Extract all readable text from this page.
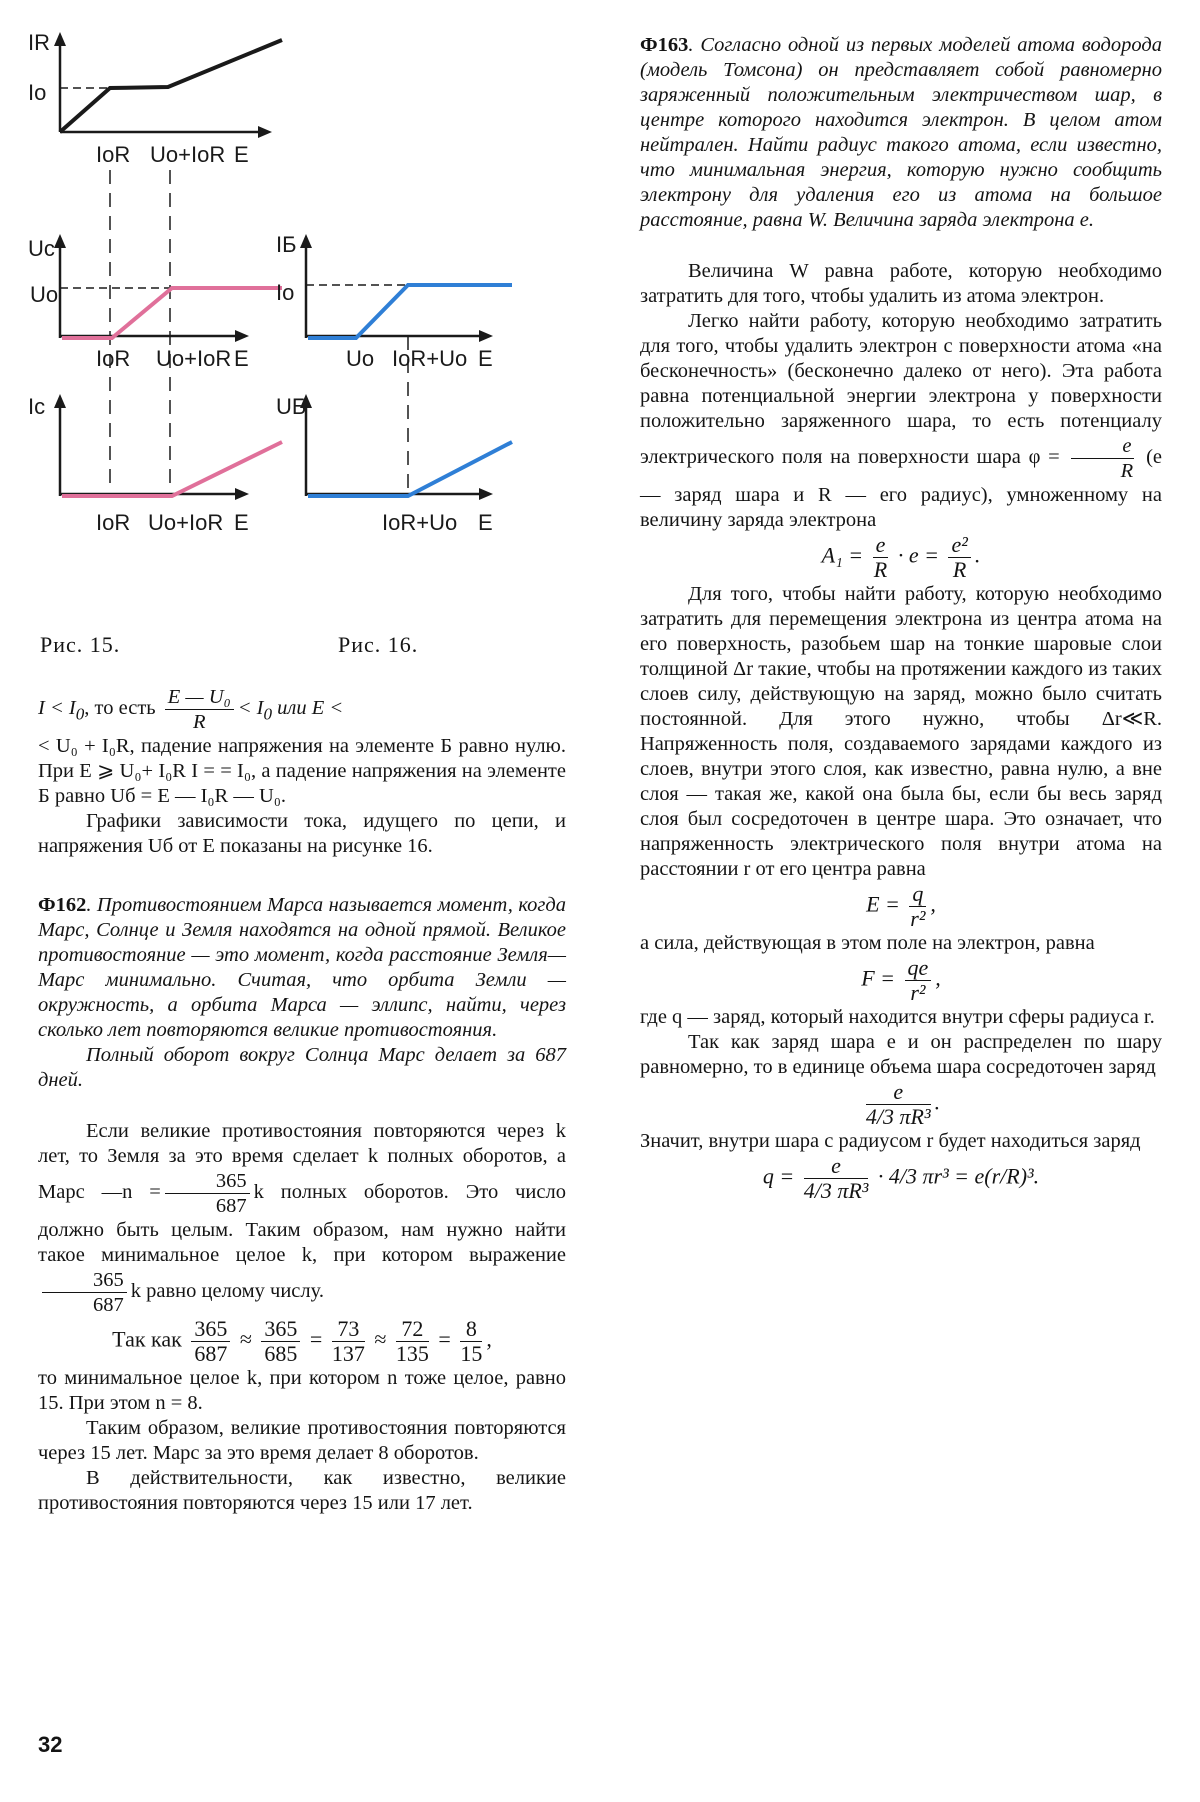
IR
Io
IoR Uo+IoR E
Uc
Uo
IoR Uo+IoR E
Ic
IoR Uo+IoR E
IБ
Io
Uo IoR+Uo E
UБ
IoR+Uo E
Рис. 15.	Рис. 16.

$I < I_0$, то есть $\frac{\text{E — U₀}}{R} < I_0$ или E <

< U₀ + I₀R, падение напряжения на элементе Б равно нулю. При E ⩾ U₀+ I₀R I = = I₀, а падение напряжения на элементе Б равно Uб = E — I₀R — U₀.

Графики зависимости тока, идущего по цепи, и напряжения Uб от E показаны на рисунке 16.

Ф162. Противостоянием Марса называется момент, когда Марс, Солнце и Земля находятся на одной прямой. Великое противостояние — это момент, когда расстояние Земля—Марс минимально. Считая, что орбита Земли — окружность, а орбита Марса — эллипс, найти, через сколько лет повторяются великие противостояния.

Полный оборот вокруг Солнца Марс делает за 687 дней.

Если великие противостояния повторяются через k лет, то Земля за это время сделает k полных оборотов, а Марс —n = $\frac{365}{687}$ k полных оборотов. Это число должно быть целым. Таким образом, нам нужно найти такое минимальное целое k, при котором выражение
$\frac{365}{687}$ k равно целому числу.

Так как $\frac{365}{687} \approx \frac{365}{685} = \frac{73}{137} \approx \frac{72}{135} = \frac{8}{15}$ ,

то минимальное целое k, при котором n тоже целое, равно 15. При этом n = 8.

Таким образом, великие противостояния повторяются через 15 лет. Марс за это время делает 8 оборотов.

В действительности, как известно, великие противостояния повторяются через 15 или 17 лет.

32

Ф163. Согласно одной из первых моделей атома водорода (модель Томсона) он представляет собой равномерно заряженный положительным электричеством шар, в центре которого находится электрон. В целом атом нейтрален. Найти радиус такого атома, если известно, что минимальная энергия, которую нужно сообщить электрону для удаления его из атома на большое расстояние, равна W. Величина заряда электрона e.

Величина W равна работе, которую необходимо затратить для того, чтобы удалить из атома электрон.

Легко найти работу, которую необходимо затратить для того, чтобы удалить электрон с поверхности атома «на бесконечность» (бесконечно далеко от него). Эта работа равна потенциальной энергии электрона у поверхности положительно заряженного шара, то есть потенциалу электрического поля на поверхности шара $\varphi = \frac{e}{R} (e$ — заряд шара и R — его радиус), умноженному на величину заряда электрона

$A_1 = \frac{e}{R} \cdot e = \frac{\text{e²}}{R}$ .

Для того, чтобы найти работу, которую необходимо затратить для перемещения электрона из центра атома на его поверхность, разобьем шар на тонкие шаровые слои толщиной Δr такие, чтобы на протяжении каждого из таких слоев силу, действующую на заряд, можно было считать постоянной. Для этого нужно, чтобы Δr≪R. Напряженность поля, создаваемого зарядами каждого из слоев, внутри этого слоя, как известно, равна нулю, а вне слоя — такая же, какой она была бы, если бы весь заряд слоя был сосредоточен в центре шара. Это означает, что напряженность электрического поля внутри атома на расстоянии r от его центра равна

$E = \frac{q}{\text{r²}}$ ,

а сила, действующая в этом поле на электрон, равна

$F = \frac{qe}{\text{r²}}$ ,

где q — заряд, который находится внутри сферы радиуса r.

Так как заряд шара e и он распределен по шару равномерно, то в единице объема шара сосредоточен заряд

$\frac{e}{\text{4/3 πR³}}$ .

Значит, внутри шара с радиусом r будет находиться заряд

$q = \frac{e}{\text{4/3 πR³}} \cdot 4/3$ πr³ = e(r/R)³.
